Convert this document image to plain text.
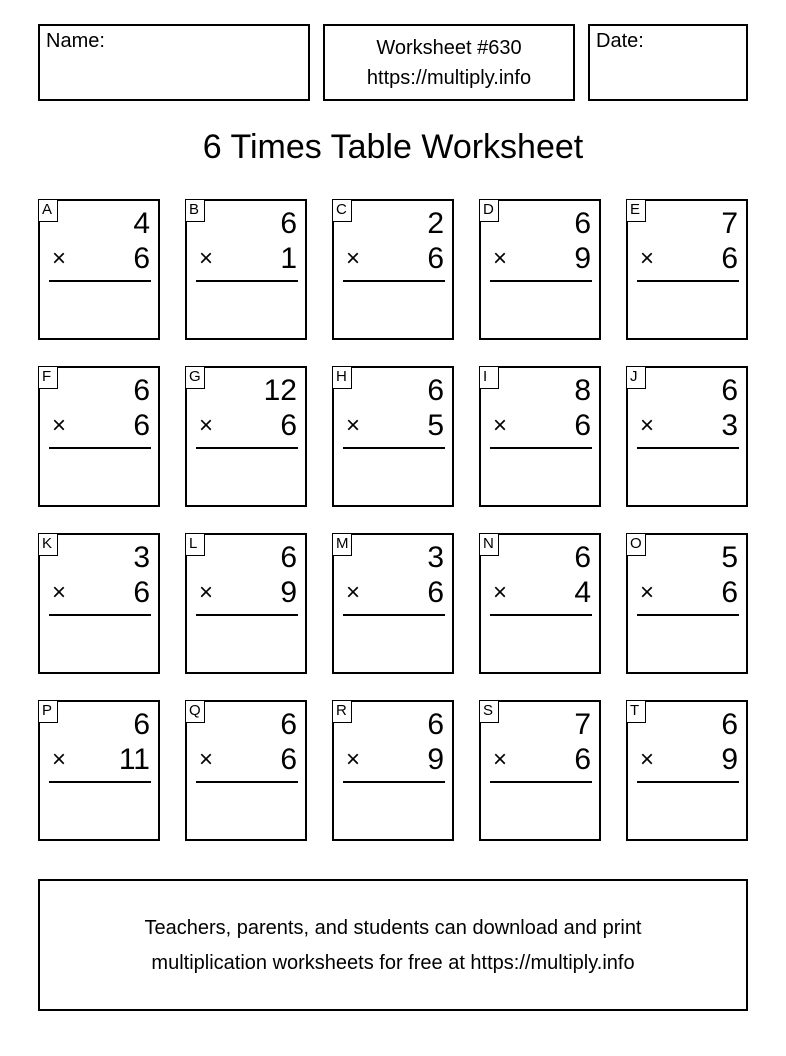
Name:	Worksheet #630
https://multiply.info
Date:
6 Times Table Worksheet
A	4
× 6
B	6
× 1
C	2
× 6
D	6
× 9
E	7
× 6
F	6
× 6
G 12
× 6
H	6
× 5
I	8
× 6
J	6
× 3
K	3
× 6
L	6
× 9
M	3
× 6
N	6
× 4
O	5
× 6
P	6
× 11
Q	6
× 6
R	6
× 9
S	7
× 6
T	6
× 9
Teachers, parents, and students can download and print
multiplication worksheets for free at https://multiply.info
